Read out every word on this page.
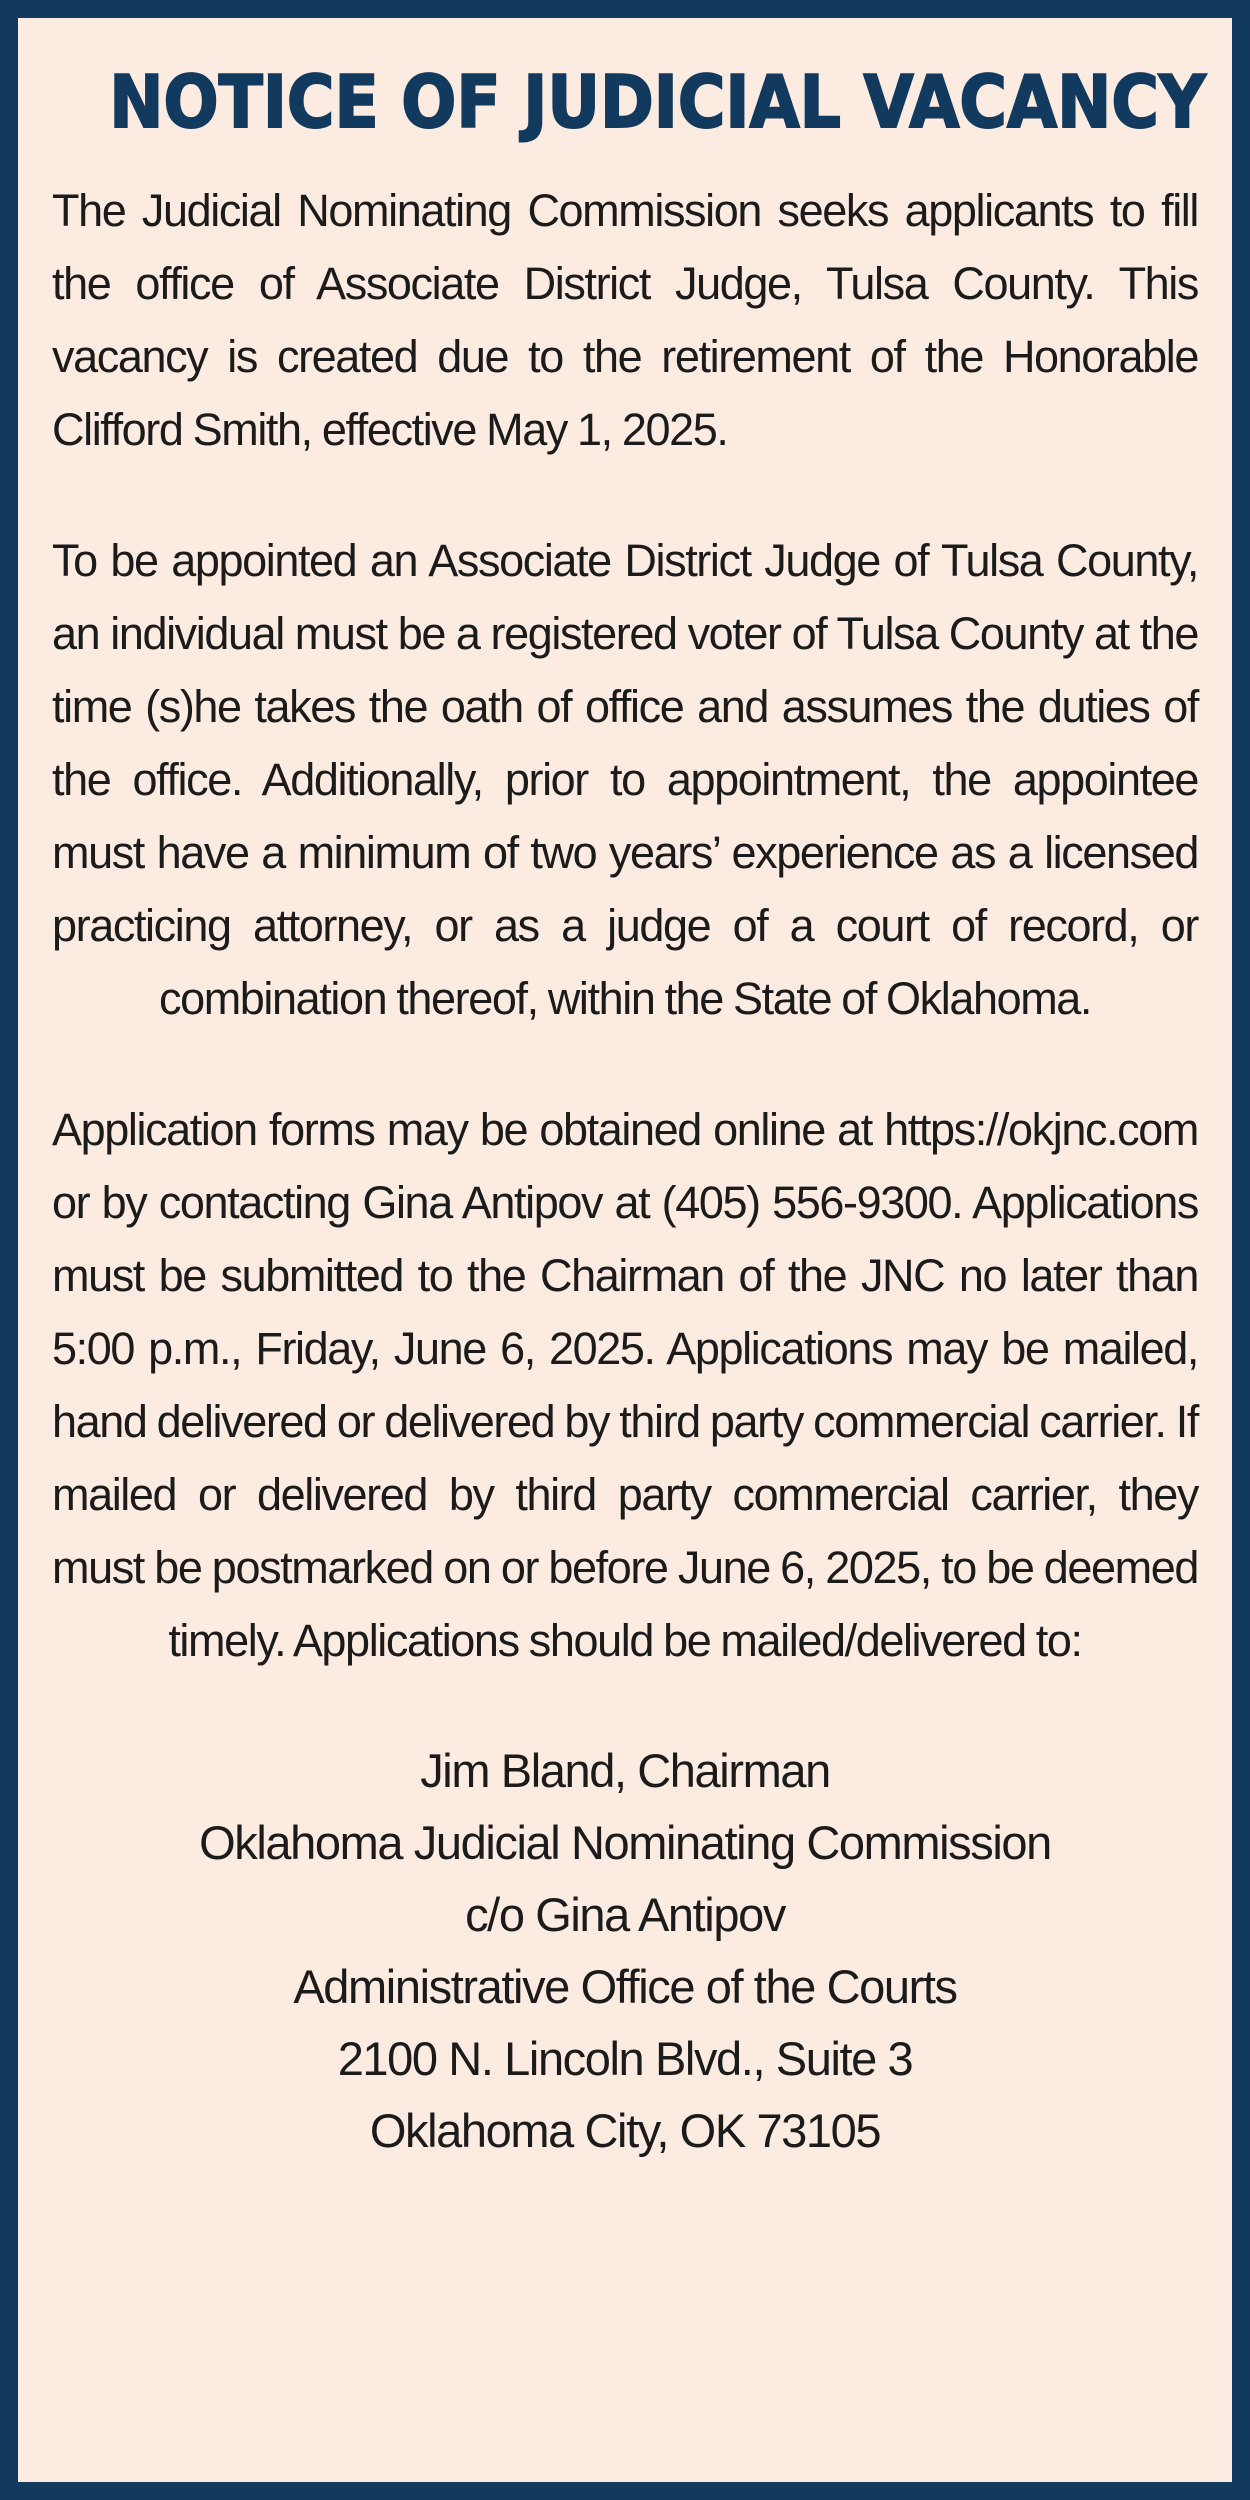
NOTICE OF JUDICIAL VACANCY

The Judicial Nominating Commission seeks applicants to fill the office of Associate District Judge, Tulsa County. This vacancy is created due to the retirement of the Honorable Clifford Smith, effective May 1, 2025.

To be appointed an Associate District Judge of Tulsa County, an individual must be a registered voter of Tulsa County at the time (s)he takes the oath of office and assumes the duties of the office. Additionally, prior to appointment, the appointee must have a minimum of two years’ experience as a licensed practicing attorney, or as a judge of a court of record, or combination thereof, within the State of Oklahoma.

Application forms may be obtained online at https://okjnc.com or by contacting Gina Antipov at (405) 556-9300. Applications must be submitted to the Chairman of the JNC no later than 5:00 p.m., Friday, June 6, 2025. Applications may be mailed, hand delivered or delivered by third party commercial carrier. If mailed or delivered by third party commercial carrier, they must be postmarked on or before June 6, 2025, to be deemed timely. Applications should be mailed/delivered to:

Jim Bland, Chairman
Oklahoma Judicial Nominating Commission
c/o Gina Antipov
Administrative Office of the Courts
2100 N. Lincoln Blvd., Suite 3
Oklahoma City, OK 73105
